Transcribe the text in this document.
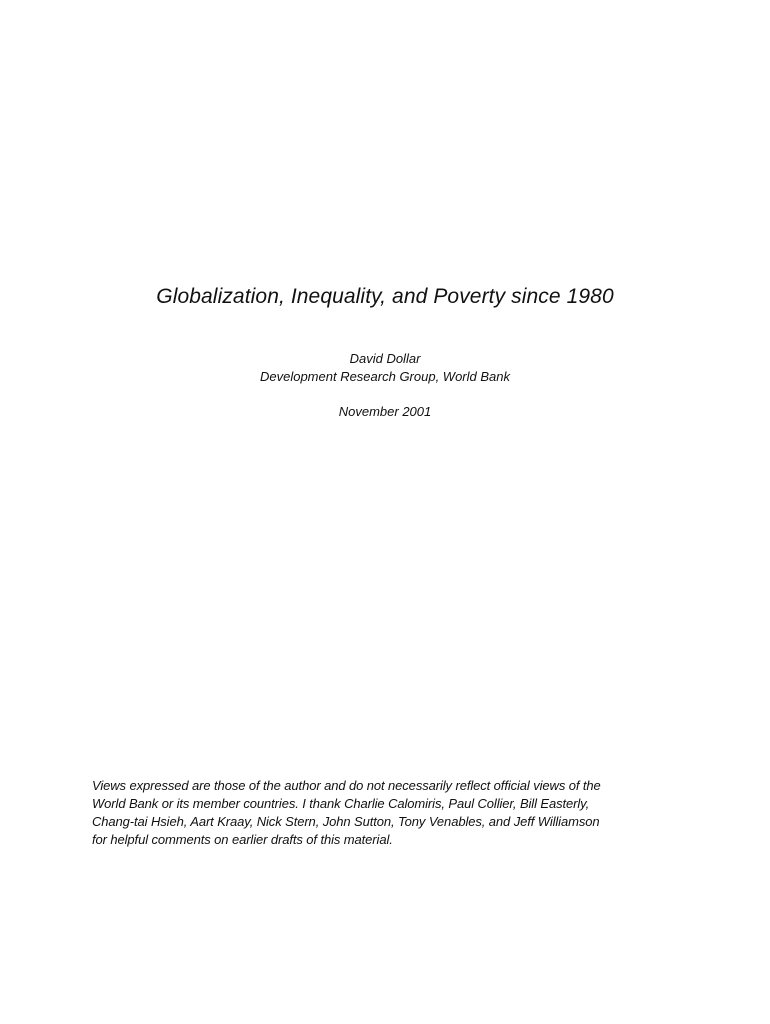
Globalization, Inequality, and Poverty since 1980

David Dollar

Development Research Group, World Bank

November 2001

Views expressed are those of the author and do not necessarily reflect official views of the
World Bank or its member countries. I thank Charlie Calomiris, Paul Collier, Bill Easterly,
Chang-tai Hsieh, Aart Kraay, Nick Stern, John Sutton, Tony Venables, and Jeff Williamson
for helpful comments on earlier drafts of this material.
